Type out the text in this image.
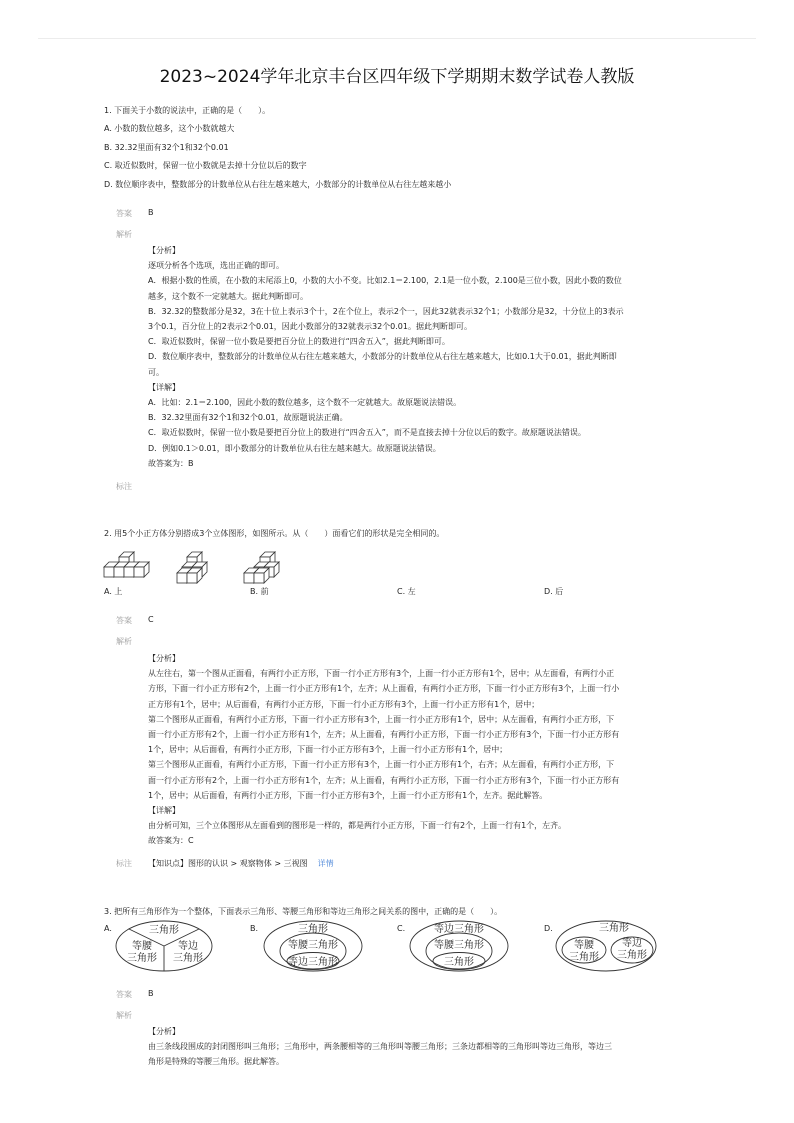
2023~2024学年北京丰台区四年级下学期期末数学试卷人教版
1. 下面关于小数的说法中，正确的是（　　）。
A. 小数的数位越多，这个小数就越大
B. 32.32里面有32个1和32个0.01
C. 取近似数时，保留一位小数就是去掉十分位以后的数字
D. 数位顺序表中，整数部分的计数单位从右往左越来越大，小数部分的计数单位从右往左越来越小
答案 B
解析
【分析】
逐项分析各个选项，选出正确的即可。
A．根据小数的性质，在小数的末尾添上0，小数的大小不变。比如2.1＝2.100，2.1是一位小数，2.100是三位小数，因此小数的数位
越多，这个数不一定就越大。据此判断即可。
B．32.32的整数部分是32，3在十位上表示3个十，2在个位上，表示2个一，因此32就表示32个1；小数部分是32，十分位上的3表示
3个0.1，百分位上的2表示2个0.01，因此小数部分的32就表示32个0.01。据此判断即可。
C．取近似数时，保留一位小数是要把百分位上的数进行“四舍五入”，据此判断即可。
D．数位顺序表中，整数部分的计数单位从右往左越来越大，小数部分的计数单位从右往左越来越大，比如0.1大于0.01，据此判断即
可。
【详解】
A．比如：2.1＝2.100，因此小数的数位越多，这个数不一定就越大。故原题说法错误。
B．32.32里面有32个1和32个0.01，故原题说法正确。
C．取近似数时，保留一位小数是要把百分位上的数进行“四舍五入”，而不是直接去掉十分位以后的数字。故原题说法错误。
D．例如0.1＞0.01，即小数部分的计数单位从右往左越来越大。故原题说法错误。
故答案为：B
标注
2. 用5个小正方体分别搭成3个立体图形，如图所示。从（　　）面看它们的形状是完全相同的。
A. 上	B. 前	C. 左	D. 后
答案 C
解析
【分析】
从左往右，第一个图从正面看，有两行小正方形，下面一行小正方形有3个，上面一行小正方形有1个，居中；从左面看，有两行小正
方形，下面一行小正方形有2个，上面一行小正方形有1个，左齐；从上面看，有两行小正方形，下面一行小正方形有3个，上面一行小
正方形有1个，居中；从后面看，有两行小正方形，下面一行小正方形有3个，上面一行小正方形有1个，居中；
第二个图形从正面看，有两行小正方形，下面一行小正方形有3个，上面一行小正方形有1个，居中；从左面看，有两行小正方形，下
面一行小正方形有2个，上面一行小正方形有1个，左齐；从上面看，有两行小正方形，下面一行小正方形有3个，下面一行小正方形有
1个，居中；从后面看，有两行小正方形，下面一行小正方形有3个，上面一行小正方形有1个，居中；
第三个图形从正面看，有两行小正方形，下面一行小正方形有3个，上面一行小正方形有1个，右齐；从左面看，有两行小正方形，下
面一行小正方形有2个，上面一行小正方形有1个，左齐；从上面看，有两行小正方形，下面一行小正方形有3个，下面一行小正方形有
1个，居中；从后面看，有两行小正方形，下面一行小正方形有3个，上面一行小正方形有1个，左齐。据此解答。
【详解】
由分析可知，三个立体图形从左面看到的图形是一样的，都是两行小正方形，下面一行有2个，上面一行有1个，左齐。
故答案为：C
标注 【知识点】图形的认识 > 观察物体 > 三视图 详情
3. 把所有三角形作为一个整体，下面表示三角形、等腰三角形和等边三角形之间关系的图中，正确的是（　　）。
A.	B.	C.	D.
三角形
等腰
三角形
等边
三角形
三角形
等腰三角形
等边三角形
等边三角形
等腰三角形
三角形
三角形
等腰
三角形
等边
三角形
答案 B
解析
【分析】
由三条线段围成的封闭图形叫三角形；三角形中，两条腰相等的三角形叫等腰三角形；三条边都相等的三角形叫等边三角形，等边三
角形是特殊的等腰三角形。据此解答。
